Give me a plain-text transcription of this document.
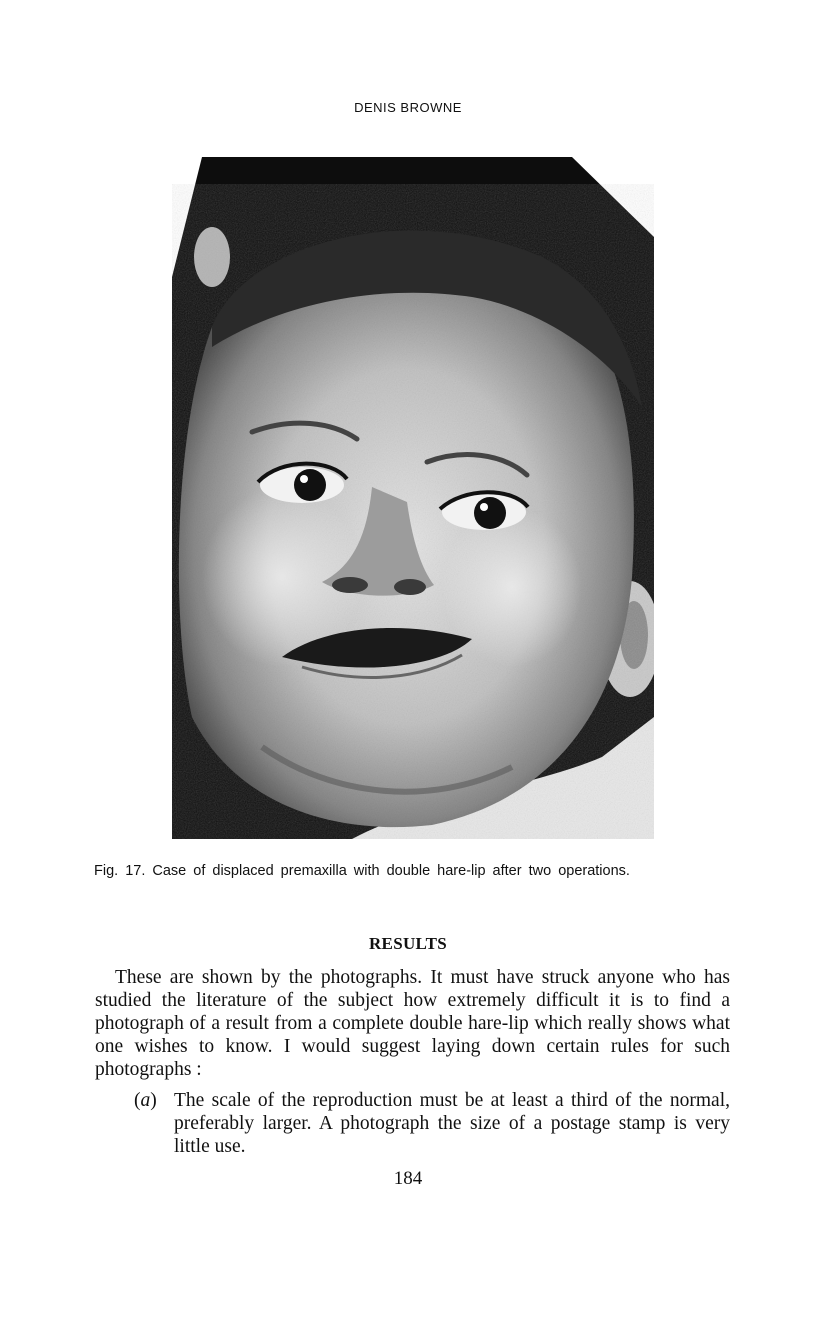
DENIS BROWNE
Fig. 17. Case of displaced premaxilla with double hare-lip after two operations.
RESULTS

These are shown by the photographs. It must have struck anyone who has studied the literature of the subject how extremely difficult it is to find a photograph of a result from a complete double hare-lip which really shows what one wishes to know. I would suggest laying down certain rules for such photographs :

(a) The scale of the reproduction must be at least a third of the normal, preferably larger. A photograph the size of a postage stamp is very little use.
184
